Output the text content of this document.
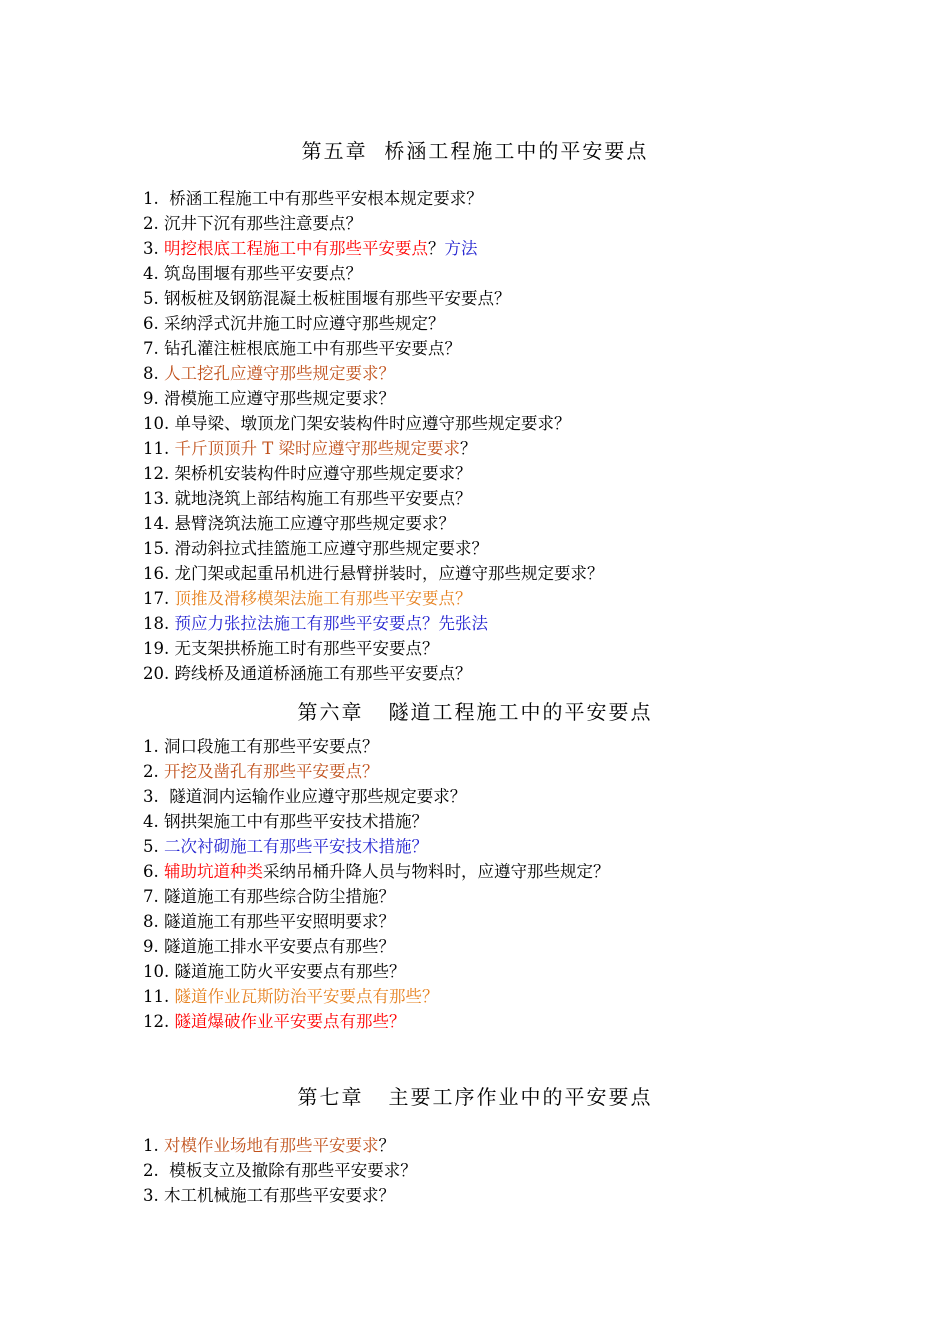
第五章  桥涵工程施工中的平安要点
1.  桥涵工程施工中有那些平安根本规定要求？
2. 沉井下沉有那些注意要点？
3. 明挖根底工程施工中有那些平安要点？方法
4. 筑岛围堰有那些平安要点？
5. 钢板桩及钢筋混凝土板桩围堰有那些平安要点？
6. 采纳浮式沉井施工时应遵守那些规定？
7. 钻孔灌注桩根底施工中有那些平安要点？
8. 人工挖孔应遵守那些规定要求？
9. 滑模施工应遵守那些规定要求？
10. 单导梁、墩顶龙门架安装构件时应遵守那些规定要求？
11. 千斤顶顶升 T 梁时应遵守那些规定要求？
12. 架桥机安装构件时应遵守那些规定要求？
13. 就地浇筑上部结构施工有那些平安要点？
14. 悬臂浇筑法施工应遵守那些规定要求？
15. 滑动斜拉式挂篮施工应遵守那些规定要求？
16. 龙门架或起重吊机进行悬臂拼装时，应遵守那些规定要求？
17. 顶推及滑移模架法施工有那些平安要点？
18. 预应力张拉法施工有那些平安要点？先张法
19. 无支架拱桥施工时有那些平安要点？
20. 跨线桥及通道桥涵施工有那些平安要点？
第六章   隧道工程施工中的平安要点
1. 洞口段施工有那些平安要点？
2. 开挖及凿孔有那些平安要点？
3.  隧道洞内运输作业应遵守那些规定要求？
4. 钢拱架施工中有那些平安技术措施？
5. 二次衬砌施工有那些平安技术措施？
6. 辅助坑道种类采纳吊桶升降人员与物料时，应遵守那些规定？
7. 隧道施工有那些综合防尘措施？
8. 隧道施工有那些平安照明要求？
9. 隧道施工排水平安要点有那些？
10. 隧道施工防火平安要点有那些？
11. 隧道作业瓦斯防治平安要点有那些？
12. 隧道爆破作业平安要点有那些？
第七章   主要工序作业中的平安要点
1. 对模作业场地有那些平安要求？
2.  模板支立及撤除有那些平安要求？
3. 木工机械施工有那些平安要求？
